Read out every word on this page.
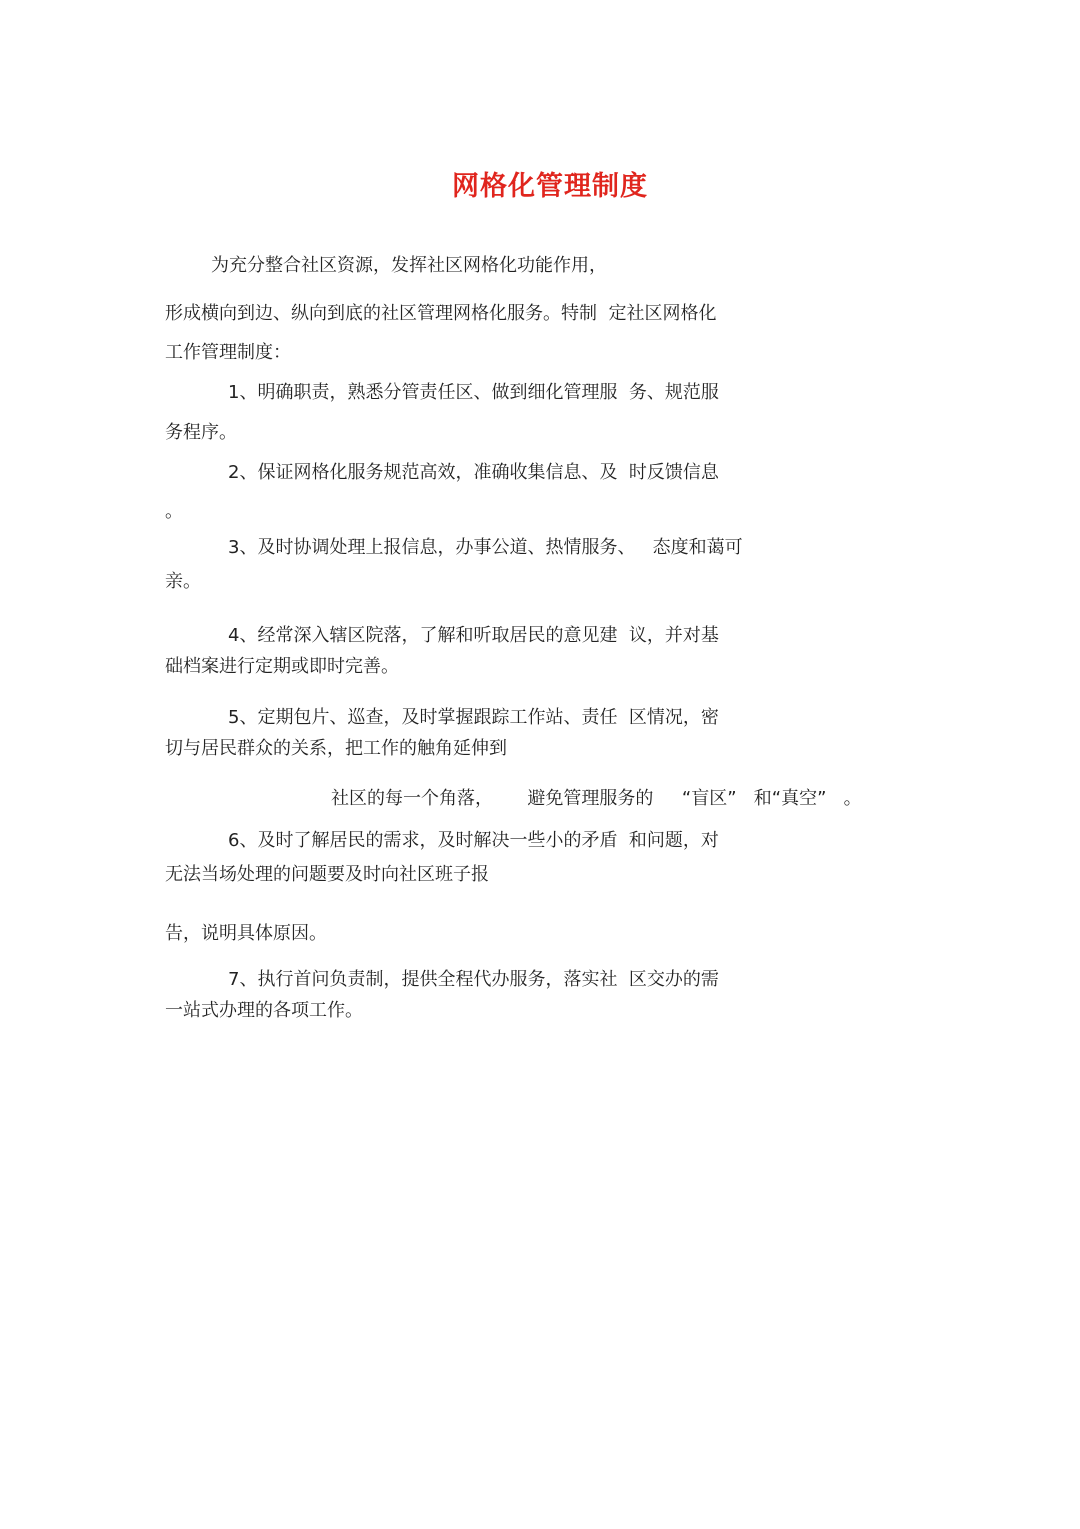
网格化管理制度
为充分整合社区资源，发挥社区网格化功能作用，
形成横向到边、纵向到底的社区管理网格化服务。特制  定社区网格化
工作管理制度：
1、明确职责，熟悉分管责任区、做到细化管理服  务、规范服
务程序。
2、保证网格化服务规范高效，准确收集信息、及  时反馈信息
。
3、及时协调处理上报信息，办事公道、热情服务、   态度和蔼可
亲。
4、经常深入辖区院落，了解和听取居民的意见建  议，并对基
础档案进行定期或即时完善。
5、定期包片、巡查，及时掌握跟踪工作站、责任  区情况，密
切与居民群众的关系，把工作的触角延伸到
社区的每一个角落，      避免管理服务的     “盲区”   和“真空”   。
6、及时了解居民的需求，及时解决一些小的矛盾  和问题，对
无法当场处理的问题要及时向社区班子报
告，说明具体原因。
7、执行首问负责制，提供全程代办服务，落实社  区交办的需
一站式办理的各项工作。
